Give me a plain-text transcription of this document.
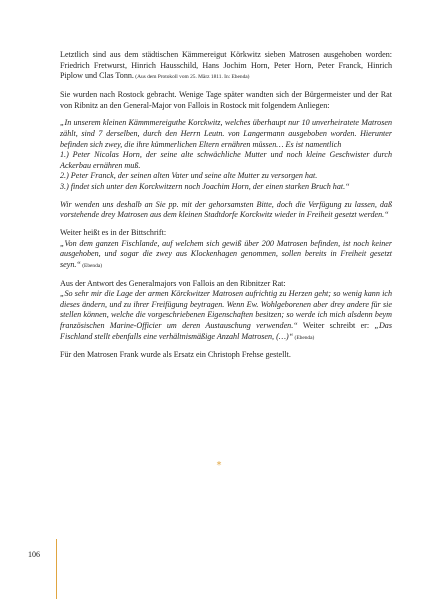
Letztlich sind aus dem städtischen Kämmereigut Körkwitz sieben Matrosen ausgehoben worden: Friedrich Fretwurst, Hinrich Hausschild, Hans Jochim Horn, Peter Horn, Peter Franck, Hinrich Piplow und Clas Tonn. (Aus dem Protokoll vom 25. März 1811. In: Ebenda)

Sie wurden nach Rostock gebracht. Wenige Tage später wandten sich der Bürgermeister und der Rat von Ribnitz an den General-Major von Fallois in Rostock mit folgendem Anliegen:

„In unserem kleinen Kämmmereiguthe Korckwitz, welches überhaupt nur 10 unverheiratete Matrosen zählt, sind 7 derselben, durch den Herrn Leutn. von Langermann ausgeboben worden. Hierunter befinden sich zwey, die ihre kümmerlichen Eltern ernähren müssen… Es ist namentlich
1.) Peter Nicolas Horn, der seine alte schwächliche Mutter und noch kleine Geschwister durch Ackerbau ernähren muß.
2.) Peter Franck, der seinen alten Vater und seine alte Mutter zu versorgen hat.
3.) findet sich unter den Korckwitzern noch Joachim Horn, der einen starken Bruch hat.“

Wir wenden uns deshalb an Sie pp. mit der gehorsamsten Bitte, doch die Verfügung zu lassen, daß vorstehende drey Matrosen aus dem kleinen Stadtdorfe Korckwitz wieder in Freiheit gesetzt werden.“

Weiter heißt es in der Bittschrift:
„Von dem ganzen Fischlande, auf welchem sich gewiß über 200 Matrosen befinden, ist noch keiner ausgehoben, und sogar die zwey aus Klockenhagen genommen, sollen bereits in Freiheit gesetzt seyn.“ (Ebenda)

Aus der Antwort des Generalmajors von Fallois an den Ribnitzer Rat:
„So sehr mir die Lage der armen Körckwitzer Matrosen aufrichtig zu Herzen geht; so wenig kann ich dieses ändern, und zu ihrer Freifügung beytragen. Wenn Ew. Wohlgeborenen aber drey andere für sie stellen können, welche die vorgeschriebenen Eigenschaften besitzen; so werde ich mich alsdenn beym französischen Marine-Officier um deren Austauschung verwenden.“ Weiter schreibt er: „Das Fischland stellt ebenfalls eine verhältnismäßige Anzahl Matrosen, (…)“ (Ebenda)

Für den Matrosen Frank wurde als Ersatz ein Christoph Frehse gestellt.

*
106
